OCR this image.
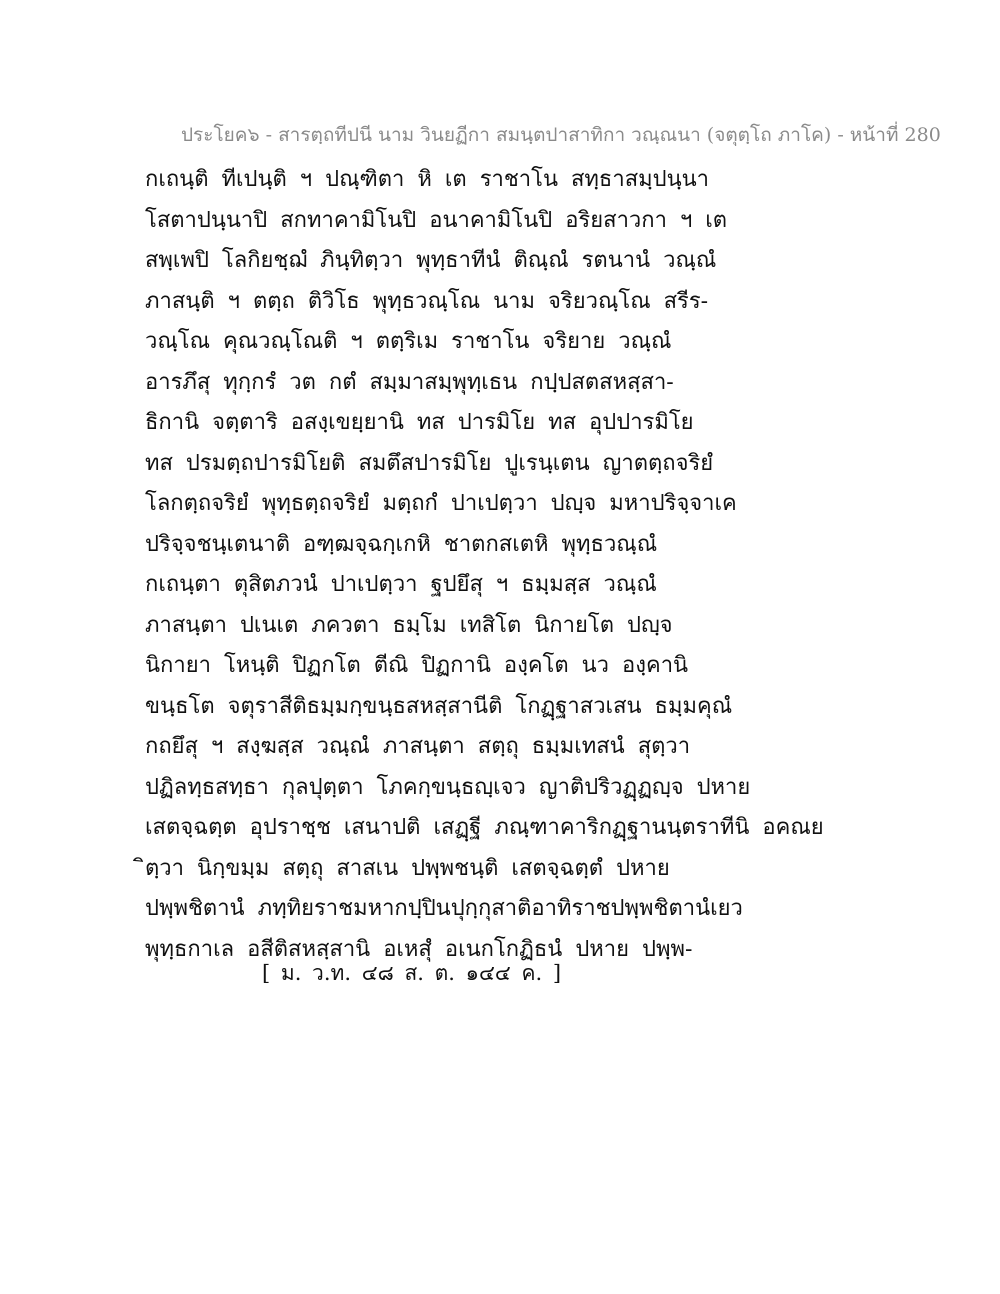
ประโยค๖ - สารตฺถทีปนี นาม วินยฏีกา สมนฺตปาสาทิกา วณฺณนา (จตุตฺโถ ภาโค) - หน้าที่ 280
กเถนฺติ ทีเปนฺติ ฯ ปณฺฑิตา หิ เต ราชาโน สทฺธาสมฺปนฺนา
โสตาปนฺนาปิ สกทาคามิโนปิ อนาคามิโนปิ อริยสาวกา ฯ เต
สพฺเพปิ โลกิยชฺฌํ ภินฺทิตฺวา พุทฺธาทีนํ ติณฺณํ รตนานํ วณฺณํ
ภาสนฺติ ฯ ตตฺถ ติวิโธ พุทฺธวณฺโณ นาม จริยวณฺโณ สรีร-
วณฺโณ คุณวณฺโณติ ฯ ตตฺริเม ราชาโน จริยาย วณฺณํ
อารภึสุ ทุกฺกรํ วต กตํ สมฺมาสมฺพุทฺเธน กปฺปสตสหสฺสา-
ธิกานิ จตฺตาริ อสงฺเขยฺยานิ ทส ปารมิโย ทส อุปปารมิโย
ทส ปรมตฺถปารมิโยติ สมตึสปารมิโย ปูเรนฺเตน ญาตตฺถจริยํ
โลกตฺถจริยํ พุทฺธตฺถจริยํ มตฺถกํ ปาเปตฺวา ปญฺจ มหาปริจฺจาเค
ปริจฺจชนฺเตนาติ อฑฺฒจฺฉกฺเกหิ ชาตกสเตหิ พุทฺธวณฺณํ
กเถนฺตา ตุสิตภวนํ ปาเปตฺวา ฐปยึสุ ฯ ธมฺมสฺส วณฺณํ
ภาสนฺตา ปเนเต ภควตา ธมฺโม เทสิโต นิกายโต ปญฺจ
นิกายา โหนฺติ ปิฏกโต ตีณิ ปิฏกานิ องฺคโต นว องฺคานิ
ขนฺธโต จตุราสีติธมฺมกฺขนฺธสหสฺสานีติ โกฏฺฐาสวเสน ธมฺมคุณํ
กถยึสุ ฯ สงฺฆสฺส วณฺณํ ภาสนฺตา สตฺถุ ธมฺมเทสนํ สุตฺวา
ปฏิลทฺธสทฺธา กุลปุตฺตา โภคกฺขนฺธญฺเจว ญาติปริวฏฺฏญฺจ ปหาย
เสตจฺฉตฺต อุปราชฺช เสนาปติ เสฏฺฐี ภณฺฑาคาริกฏฺฐานนฺตราทีนิ อคณย
ิตฺวา นิกฺขมฺม สตฺถุ สาสเน ปพฺพชนฺติ เสตจฺฉตฺตํ ปหาย
ปพฺพชิตานํ ภทฺทิยราชมหากปฺปินปุกฺกุสาติอาทิราชปพฺพชิตานํเยว
พุทฺธกาเล อสีติสหสฺสานิ อเหสุํ อเนกโกฏิธนํ ปหาย ปพฺพ-
[ ม. ว.ท. ๔๘ ส. ต. ๑๔๔ ค. ]
